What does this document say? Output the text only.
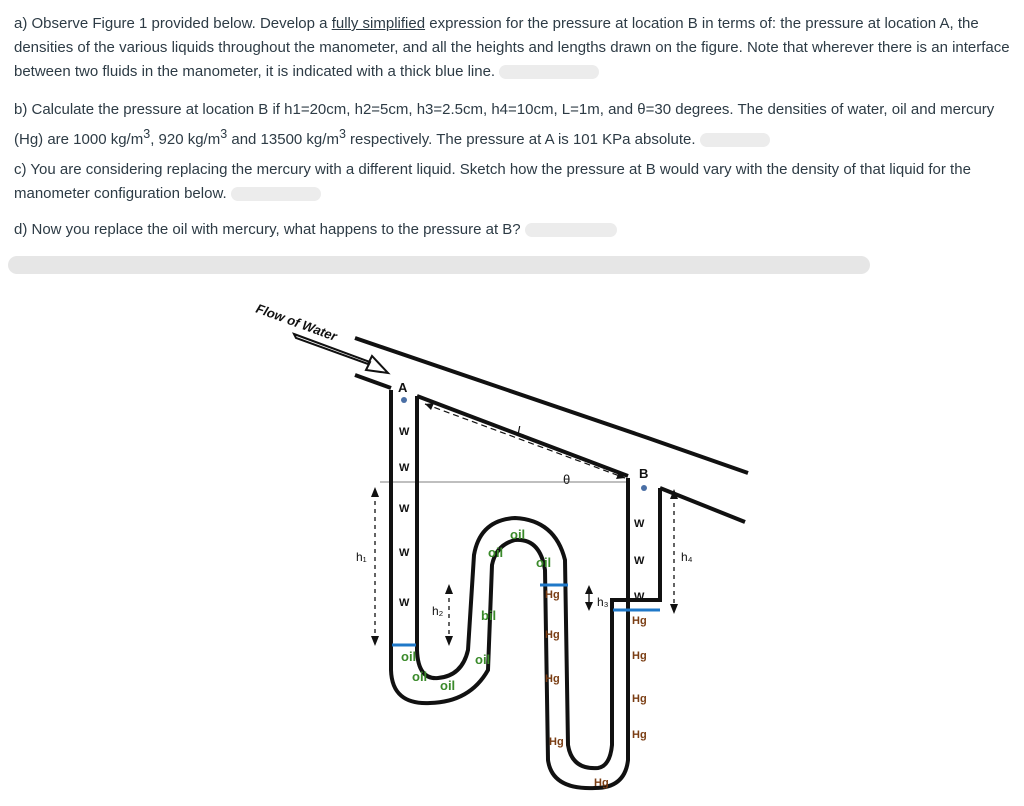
a) Observe Figure 1 provided below. Develop a fully simplified expression for the pressure at location B in terms of: the pressure at location A, the densities of the various liquids throughout the manometer, and all the heights and lengths drawn on the figure. Note that wherever there is an interface between two fluids in the manometer, it is indicated with a thick blue line.

b) Calculate the pressure at location B if h1=20cm, h2=5cm, h3=2.5cm, h4=10cm, L=1m, and θ=30 degrees. The densities of water, oil and mercury (Hg) are 1000 $kg/m^3$, 920 $kg/m^3$ and 13500 $kg/m^3$ respectively. The pressure at A is 101 KPa absolute.

c) You are considering replacing the mercury with a different liquid. Sketch how the pressure at B would vary with the density of that liquid for the manometer configuration below.

d) Now you replace the oil with mercury, what happens to the pressure at B?

Flow of Water
L
θ
A
B
W
W
W
W
W
W
W
W
oil
oil
oil
oil
bil
oil
oil
oil
Hg
Hg
Hg
Hg
Hg
Hg
Hg
Hg
Hg
h₁
h₂
h₃
h₄
